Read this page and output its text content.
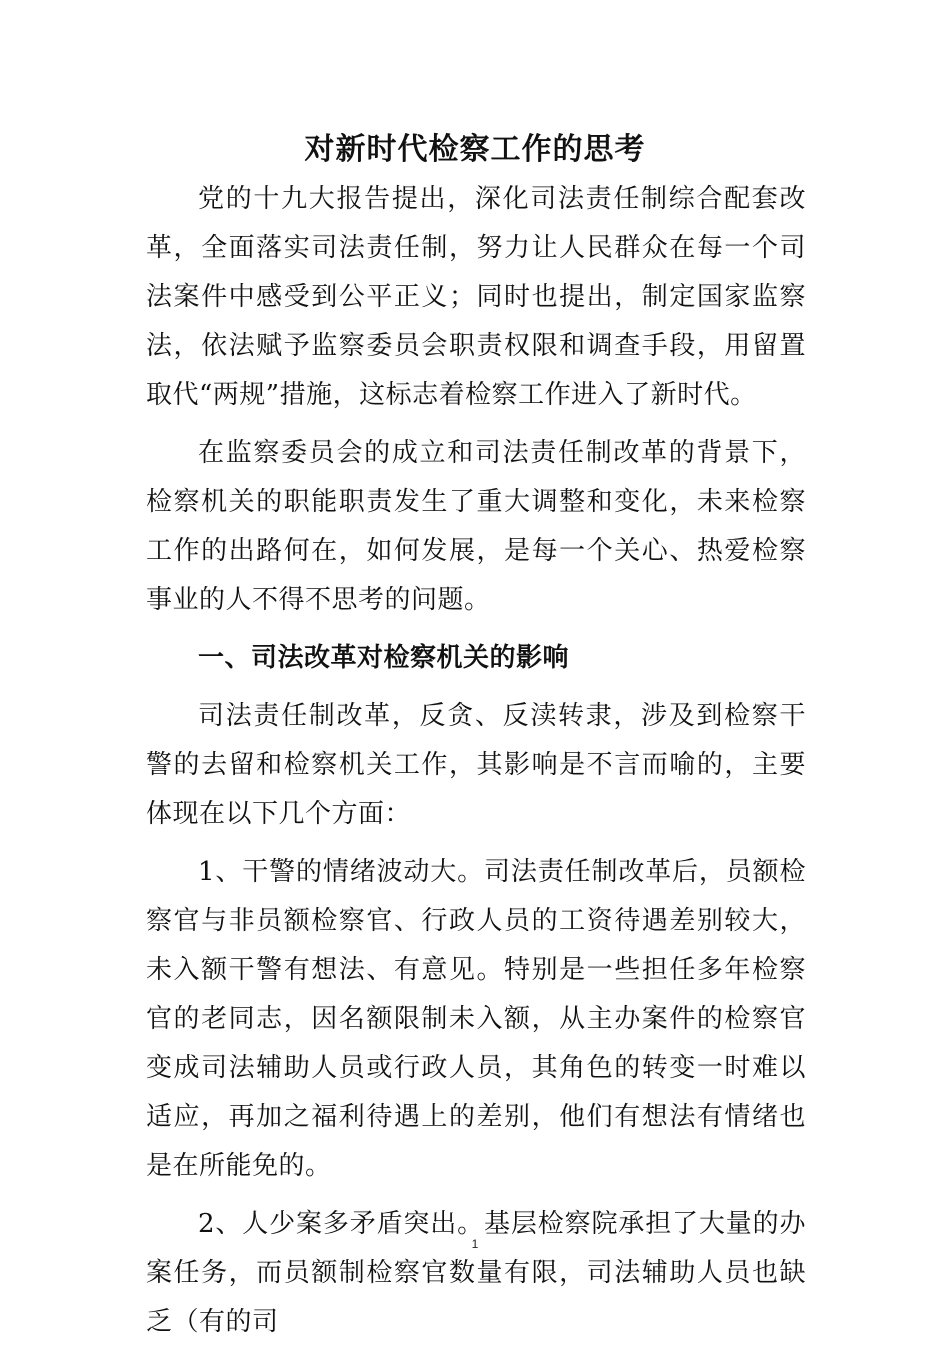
对新时代检察工作的思考

党的十九大报告提出，深化司法责任制综合配套改革，全面落实司法责任制，努力让人民群众在每一个司法案件中感受到公平正义；同时也提出，制定国家监察法，依法赋予监察委员会职责权限和调查手段，用留置取代“两规”措施，这标志着检察工作进入了新时代。

在监察委员会的成立和司法责任制改革的背景下，检察机关的职能职责发生了重大调整和变化，未来检察工作的出路何在，如何发展，是每一个关心、热爱检察事业的人不得不思考的问题。

一、司法改革对检察机关的影响

司法责任制改革，反贪、反渎转隶，涉及到检察干警的去留和检察机关工作，其影响是不言而喻的，主要体现在以下几个方面：

1、干警的情绪波动大。司法责任制改革后，员额检察官与非员额检察官、行政人员的工资待遇差别较大，未入额干警有想法、有意见。特别是一些担任多年检察官的老同志，因名额限制未入额，从主办案件的检察官变成司法辅助人员或行政人员，其角色的转变一时难以适应，再加之福利待遇上的差别，他们有想法有情绪也是在所能免的。

2、人少案多矛盾突出。基层检察院承担了大量的办案任务，而员额制检察官数量有限，司法辅助人员也缺乏（有的司

1
